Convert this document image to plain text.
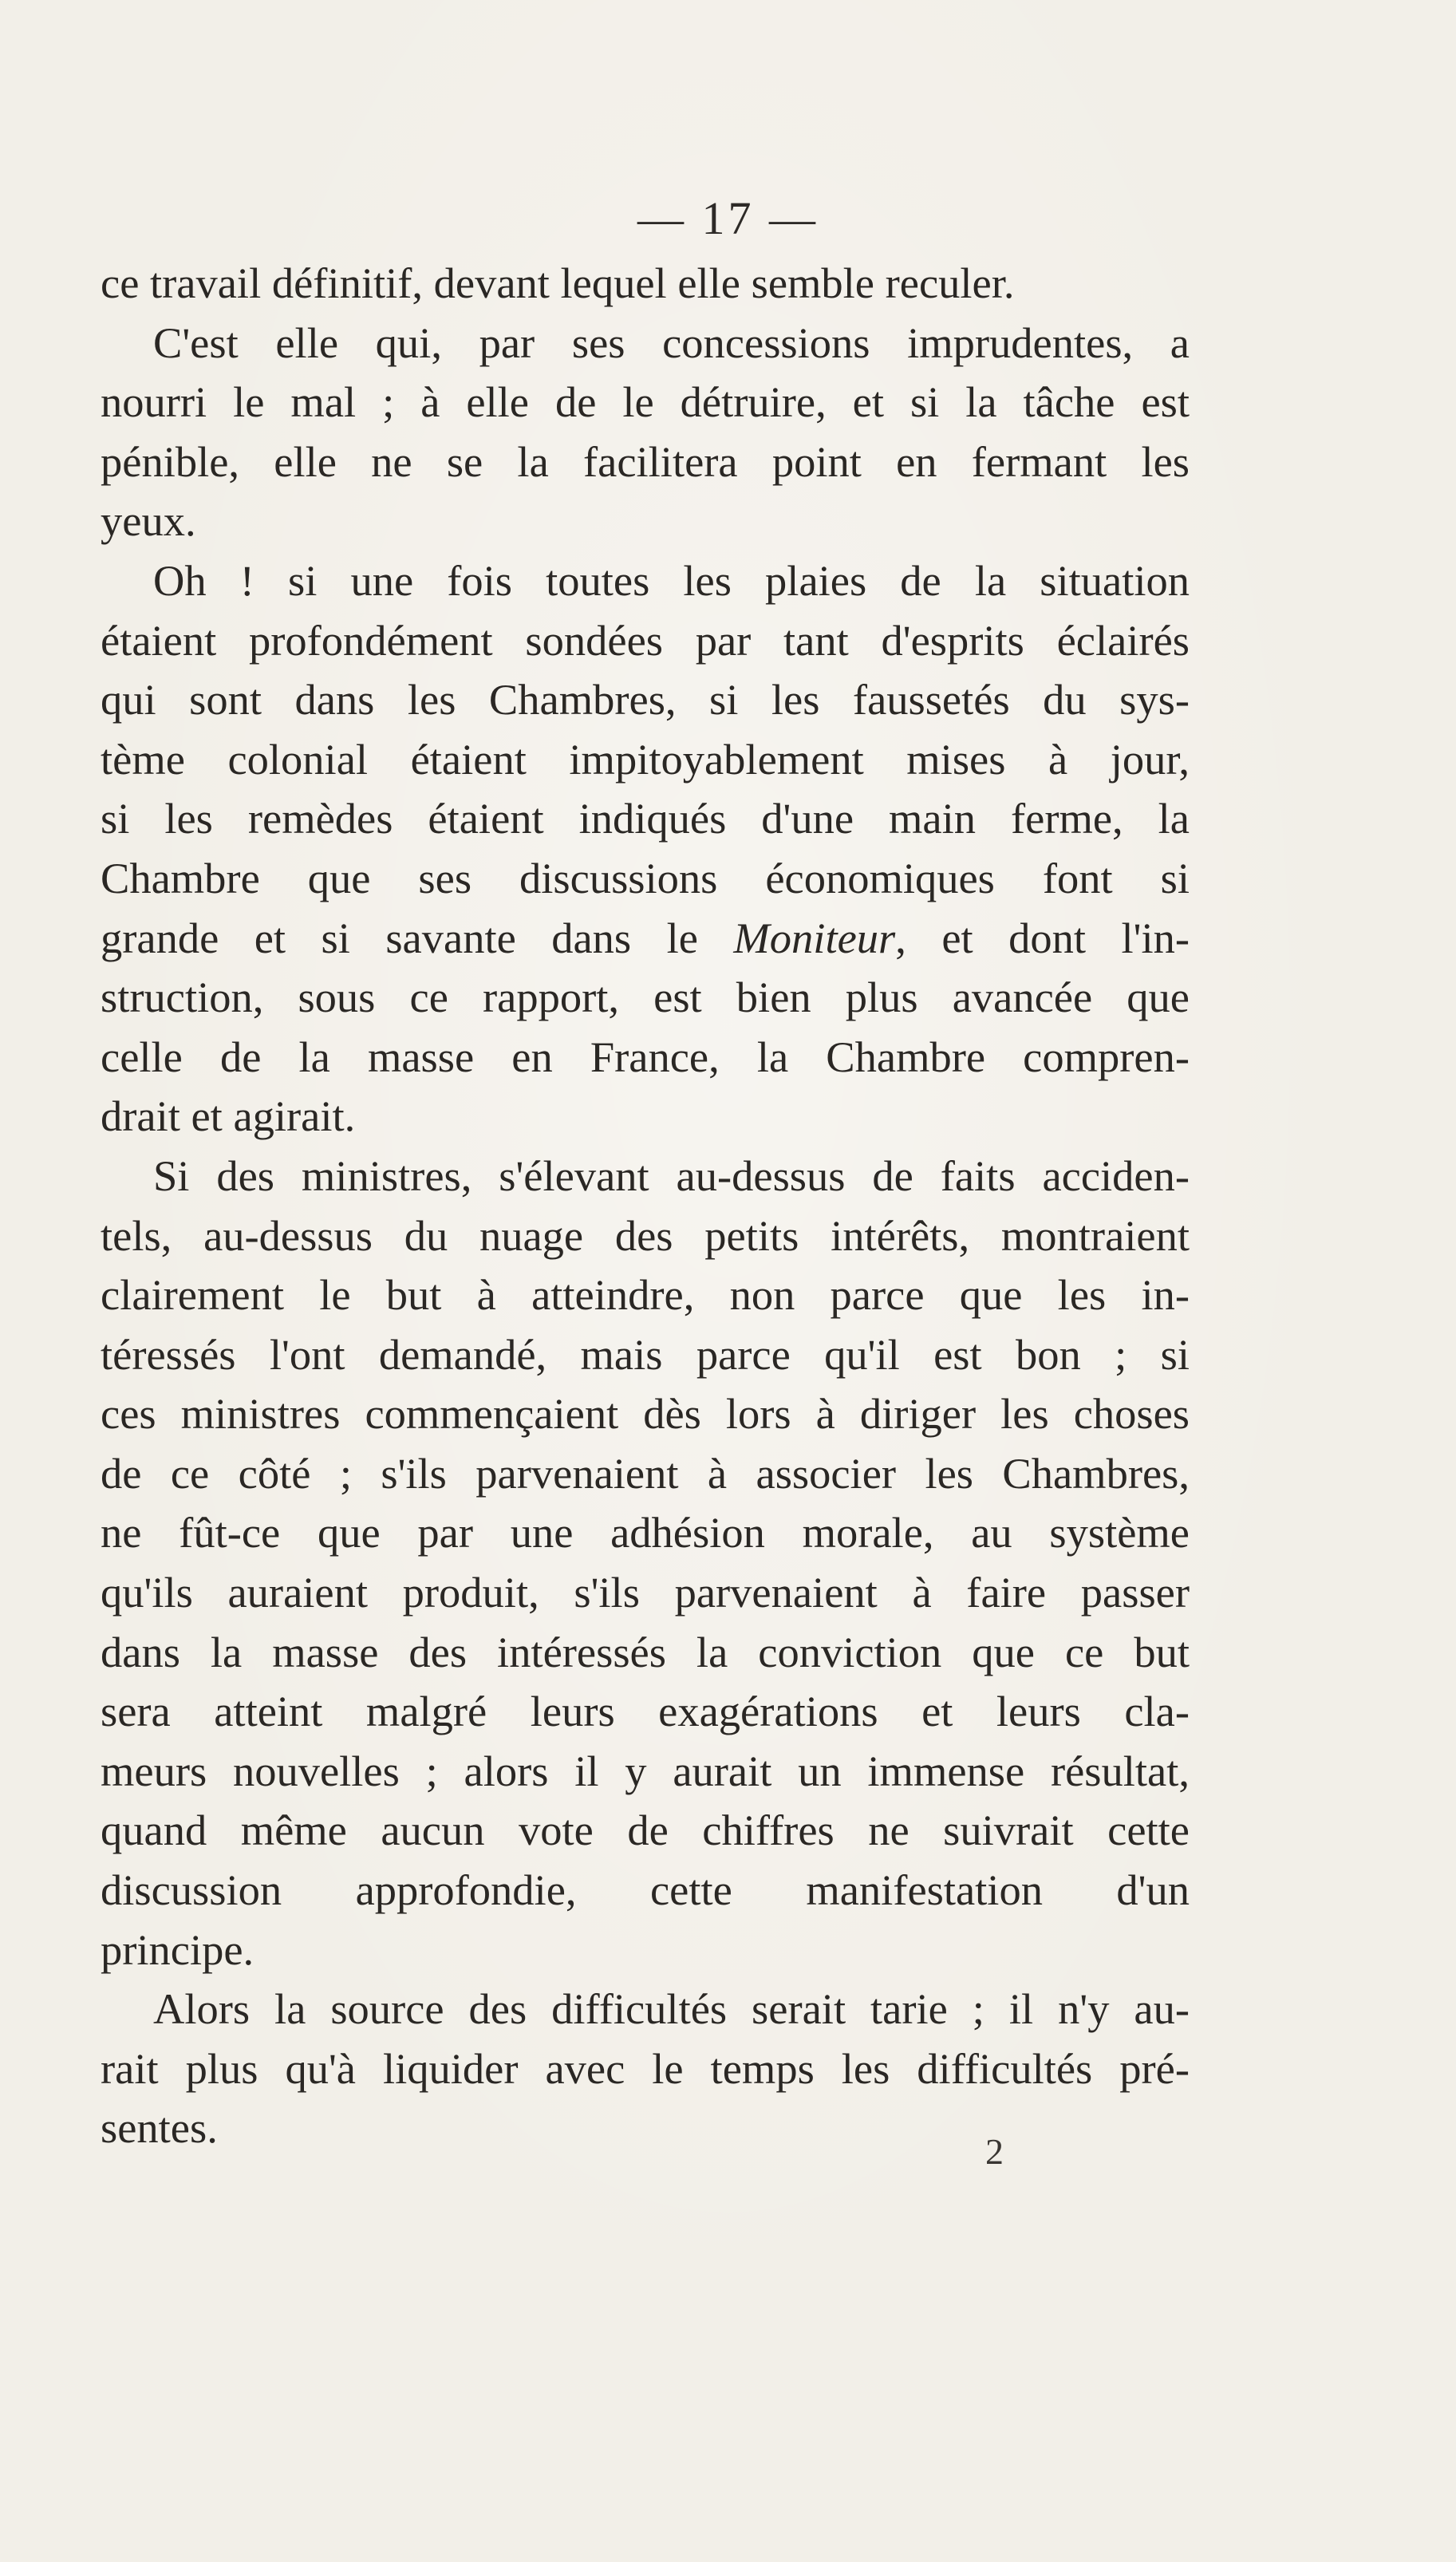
— 17 —

ce travail définitif, devant lequel elle semble reculer.

C'est elle qui, par ses concessions imprudentes, a
nourri le mal ; à elle de le détruire, et si la tâche est
pénible, elle ne se la facilitera point en fermant les
yeux.

Oh ! si une fois toutes les plaies de la situation
étaient profondément sondées par tant d'esprits éclairés
qui sont dans les Chambres, si les faussetés du sys-
tème colonial étaient impitoyablement mises à jour,
si les remèdes étaient indiqués d'une main ferme, la
Chambre que ses discussions économiques font si
grande et si savante dans le Moniteur, et dont l'in-
struction, sous ce rapport, est bien plus avancée que
celle de la masse en France, la Chambre compren-
drait et agirait.

Si des ministres, s'élevant au-dessus de faits acciden-
tels, au-dessus du nuage des petits intérêts, montraient
clairement le but à atteindre, non parce que les in-
téressés l'ont demandé, mais parce qu'il est bon ; si
ces ministres commençaient dès lors à diriger les choses
de ce côté ; s'ils parvenaient à associer les Chambres,
ne fût-ce que par une adhésion morale, au système
qu'ils auraient produit, s'ils parvenaient à faire passer
dans la masse des intéressés la conviction que ce but
sera atteint malgré leurs exagérations et leurs cla-
meurs nouvelles ; alors il y aurait un immense résultat,
quand même aucun vote de chiffres ne suivrait cette
discussion approfondie, cette manifestation d'un
principe.

Alors la source des difficultés serait tarie ; il n'y au-
rait plus qu'à liquider avec le temps les difficultés pré-
sentes.	2
